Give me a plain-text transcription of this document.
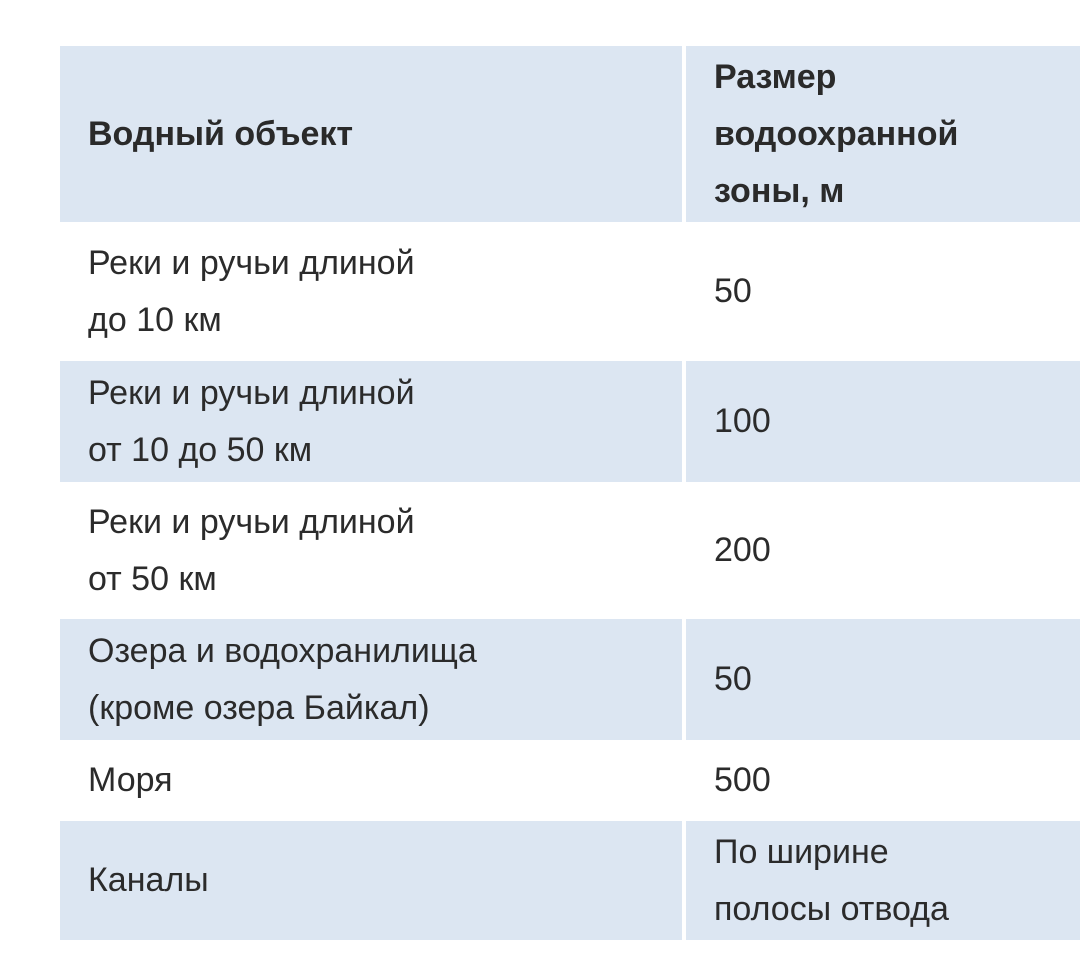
Водный объект	Размер
водоохранной
зоны, м

Реки и ручьи длиной
до 10 км	50

Реки и ручьи длиной
от 10 до 50 км	100

Реки и ручьи длиной
от 50 км	200

Озера и водохранилища
(кроме озера Байкал)	50

Моря	500

Каналы	По ширине
полосы отвода
